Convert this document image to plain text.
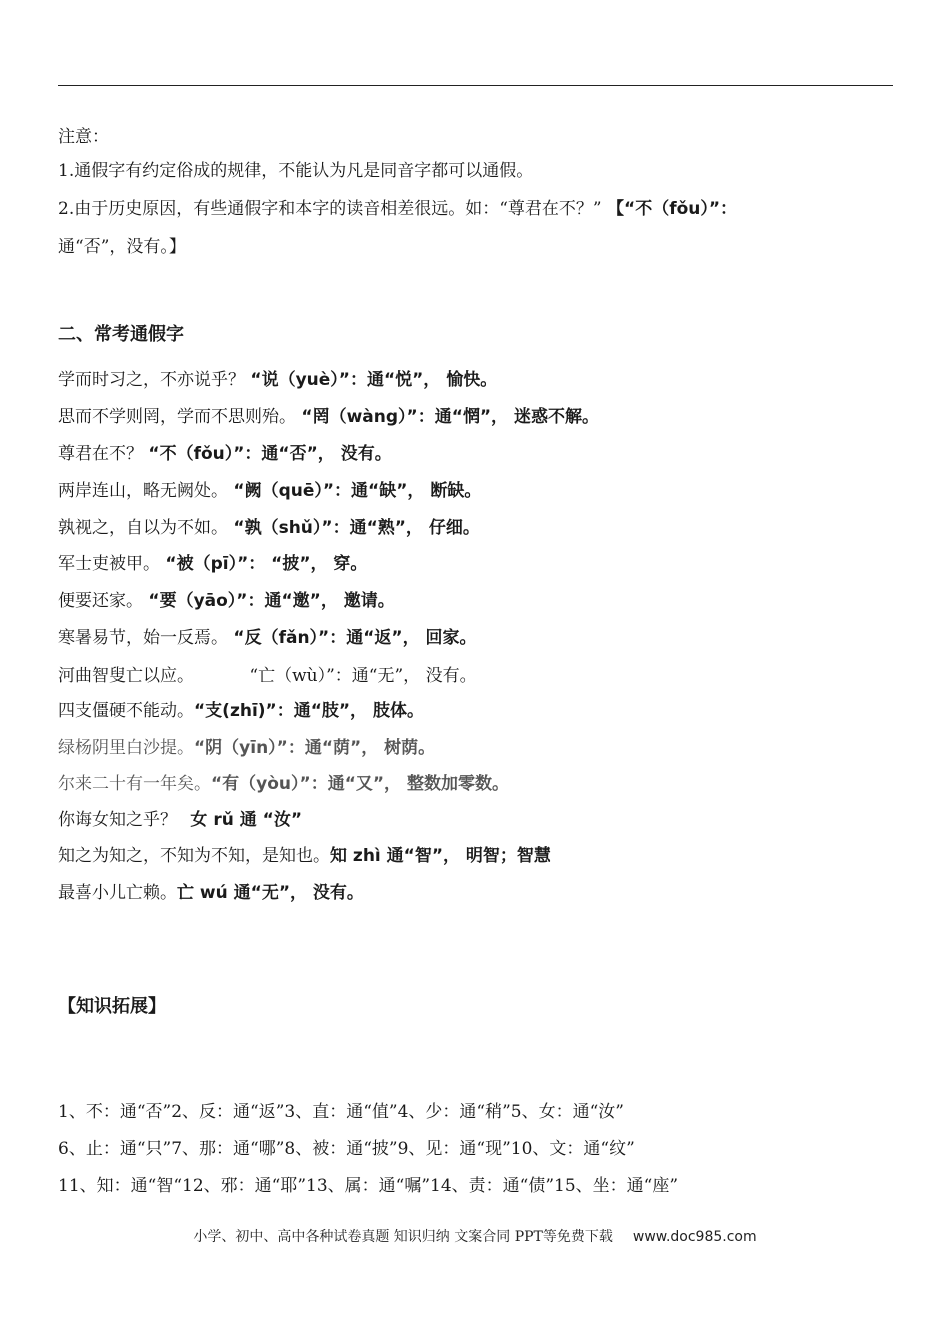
注意：
1.通假字有约定俗成的规律，不能认为凡是同音字都可以通假。
2.由于历史原因，有些通假字和本字的读音相差很远。如：“尊君在不？” 【“不（fǒu）”：
通“否”，没有。】
二、常考通假字
学而时习之，不亦说乎？ “说（yuè）”：通“悦”， 愉快。
思而不学则罔，学而不思则殆。 “罔（wàng）”：通“惘”， 迷惑不解。
尊君在不？ “不（fǒu）”：通“否”， 没有。
两岸连山，略无阙处。 “阙（quē）”：通“缺”， 断缺。
孰视之，自以为不如。 “孰（shǔ）”：通“熟”， 仔细。
军士吏被甲。 “被（pī）”： “披”， 穿。
便要还家。 “要（yāo）”：通“邀”， 邀请。
寒暑易节，始一反焉。 “反（fǎn）”：通“返”， 回家。
河曲智叟亡以应。	“亡（wù）”：通“无”， 没有。
四支僵硬不能动。“支(zhī)”：通“肢”， 肢体。
绿杨阴里白沙提。“阴（yīn）”：通“荫”， 树荫。
尔来二十有一年矣。“有（yòu）”：通“又”， 整数加零数。
你诲女知之乎？ 女 rǔ 通 “汝”
知之为知之，不知为不知，是知也。知 zhì 通“智”， 明智；智慧
最喜小儿亡赖。亡 wú 通“无”， 没有。
【知识拓展】
1、不：通“否”2、反：通“返”3、直：通“值”4、少：通“稍”5、女：通“汝”
6、止：通“只”7、那：通“哪”8、被：通“披”9、见：通“现”10、文：通“纹”
11、知：通“智“12、邪：通“耶”13、属：通“嘱”14、责：通“债”15、坐：通“座”
小学、初中、高中各种试卷真题 知识归纳 文案合同 PPT等免费下载 www.doc985.com
